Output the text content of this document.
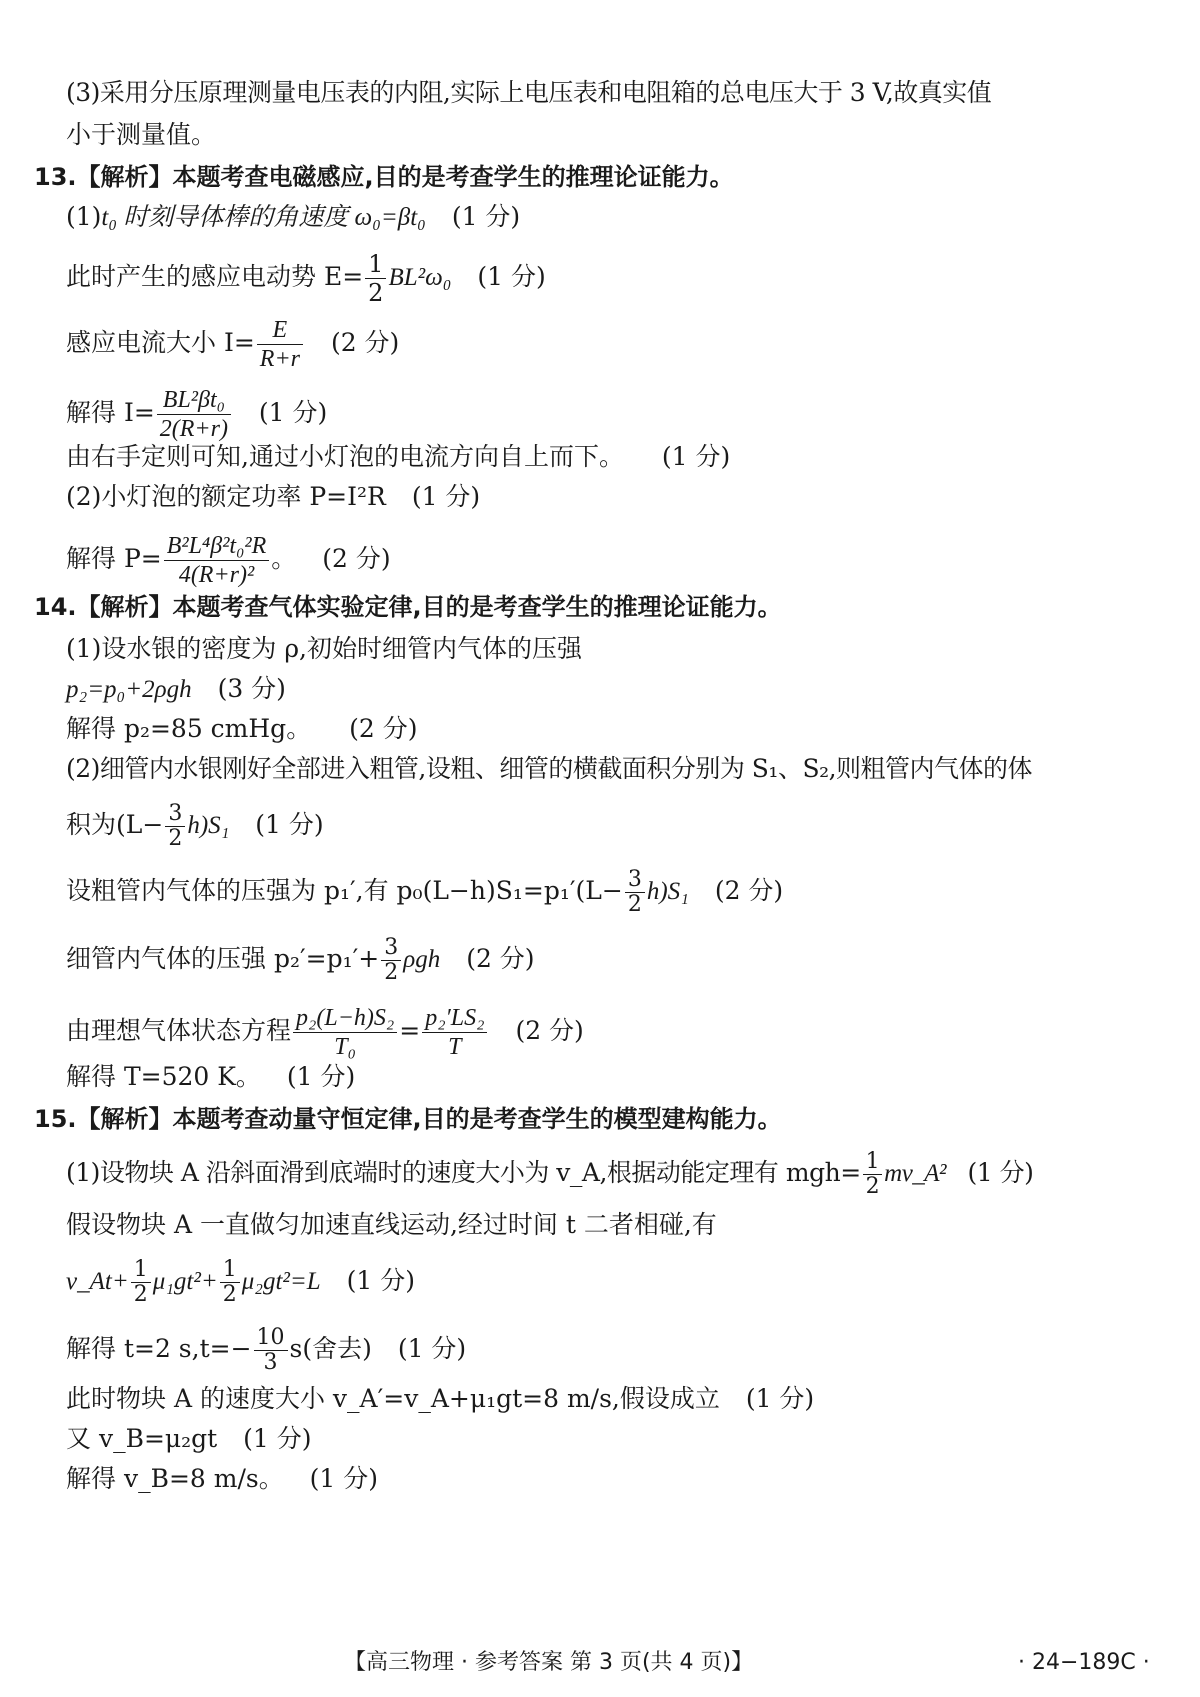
(3)采用分压原理测量电压表的内阻,实际上电压表和电阻箱的总电压大于 3 V,故真实值
小于测量值。
13.【解析】本题考查电磁感应,目的是考查学生的推理论证能力。
(1)t₀ 时刻导体棒的角速度 ω₀=βt₀ (1 分)
此时产生的感应电动势 $E= \frac{1}{2} BL^2\omega_0$ (1 分)
感应电流大小 $I= \frac{E}{R+r} (2$ 分)
解得 $I= \frac{\text{BL²βt₀}}{2(R+r)} (1$ 分)
由右手定则可知,通过小灯泡的电流方向自上而下。 (1 分)
(2)小灯泡的额定功率 P=I²R (1 分)
解得 $P= \frac{\text{B²L⁴β²t₀²R}}{\text{4(R+r)²}}$ 。 (2 分)
14.【解析】本题考查气体实验定律,目的是考查学生的推理论证能力。
(1)设水银的密度为 ρ,初始时细管内气体的压强
p₂=p₀+2ρgh (3 分)
解得 p₂=85 cmHg。 (2 分)
(2)细管内水银刚好全部进入粗管,设粗、细管的横截面积分别为 S₁、S₂,则粗管内气体的体
积为$(L- \frac{3}{2} h)S_1$ (1 分)
设粗管内气体的压强为 p₁′,有 $p_0(L-h)S_1=p_1'(L- \frac{3}{2} h)S_1$ (2 分)
细管内气体的压强 $p_2'=p_1'+ \frac{3}{2}$ ρgh (2 分)
由理想气体状态方程 $\frac{\text{p₂(L−h)S₂}}{\text{T₀}} = \frac{\text{p₂′LS₂}}{T} (2$ 分)
解得 T=520 K。 (1 分)
15.【解析】本题考查动量守恒定律,目的是考查学生的模型建构能力。
(1)设物块 A 沿斜面滑到底端时的速度大小为 v_A,根据动能定理有 $mgh= \frac{1}{2}$ mv_A² (1 分)
假设物块 A 一直做匀加速直线运动,经过时间 t 二者相碰,有
v_At+ $\frac{1}{2} \mu_1gt^2+ \frac{1}{2} \mu_2gt^2=L$ (1 分)
解得 t=2 $s,t=- \frac{10}{3} s$(舍去) (1 分)
此时物块 A 的速度大小 v_A′=v_A+μ₁gt=8 m/s,假设成立 (1 分)
又 v_B=μ₂gt (1 分)
解得 v_B=8 m/s。 (1 分)
【高三物理 · 参考答案 第 3 页(共 4 页)】	· 24−189C ·
